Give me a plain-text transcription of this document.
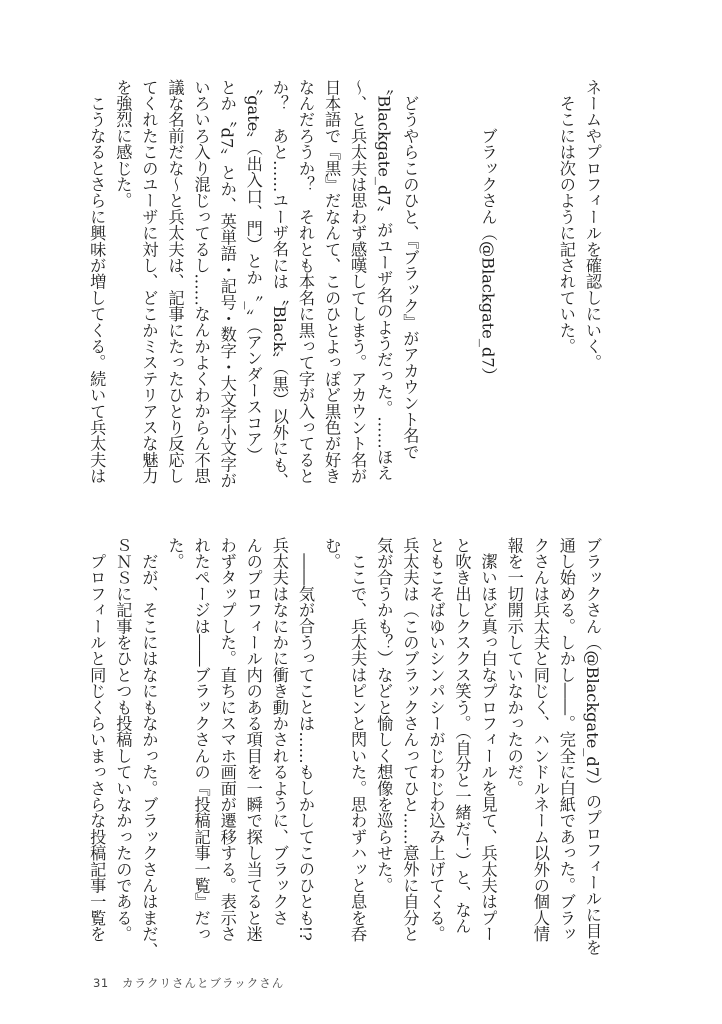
ネームやプロフィールを確認しにいく。
　そこには次のように記されていた。
　　　ブラックさん（@Blackgate_d7）
　どうやらこのひと、『ブラック』がアカウント名で
〝Blackgate_d7〟がユーザ名のようだった。……ほえ
〜、と兵太夫は思わず感嘆してしまう。アカウント名が
日本語で『黒』だなんて、このひとよっぽど黒色が好き
なんだろうか？　それとも本名に黒って字が入ってると
か？　あと……ユーザ名には〝Black〟（黒）以外にも、
〝gate〟（出入口、門）とか〝_〟（アンダースコア）
とか〝d7〟とか、英単語・記号・数字・大文字小文字が
いろいろ入り混じってるし……なんかよくわからん不思
議な名前だな〜と兵太夫は、記事にたったひとり反応し
てくれたこのユーザに対し、どこかミステリアスな魅力
を強烈に感じた。
　こうなるとさらに興味が増してくる。続いて兵太夫は
ブラックさん（@Blackgate_d7）のプロフィールに目を
通し始める。しかし――。完全に白紙であった。ブラッ
クさんは兵太夫と同じく、ハンドルネーム以外の個人情
報を一切開示していなかったのだ。
　潔いほど真っ白なプロフィールを見て、兵太夫はプー
と吹き出しクスクス笑う。（自分と一緒だ！）と、なん
ともこそばゆいシンパシーがじわじわ込み上げてくる。
兵太夫は（このブラックさんってひと……意外に自分と
気が合うかも？）などと愉しく想像を巡らせた。
　ここで、兵太夫はピンと閃いた。思わずハッと息を呑
む。
　――気が合うってことは……もしかしてこのひとも!?
兵太夫はなにかに衝き動かされるように、ブラックさ
んのプロフィール内のある項目を一瞬で探し当てると迷
わずタップした。直ちにスマホ画面が遷移する。表示さ
れたページは――ブラックさんの『投稿記事一覧』だっ
た。
　だが、そこにはなにもなかった。ブラックさんはまだ、
ＳＮＳに記事をひとつも投稿していなかったのである。
　プロフィールと同じくらいまっさらな投稿記事一覧を
31	カラクリさんとブラックさん
